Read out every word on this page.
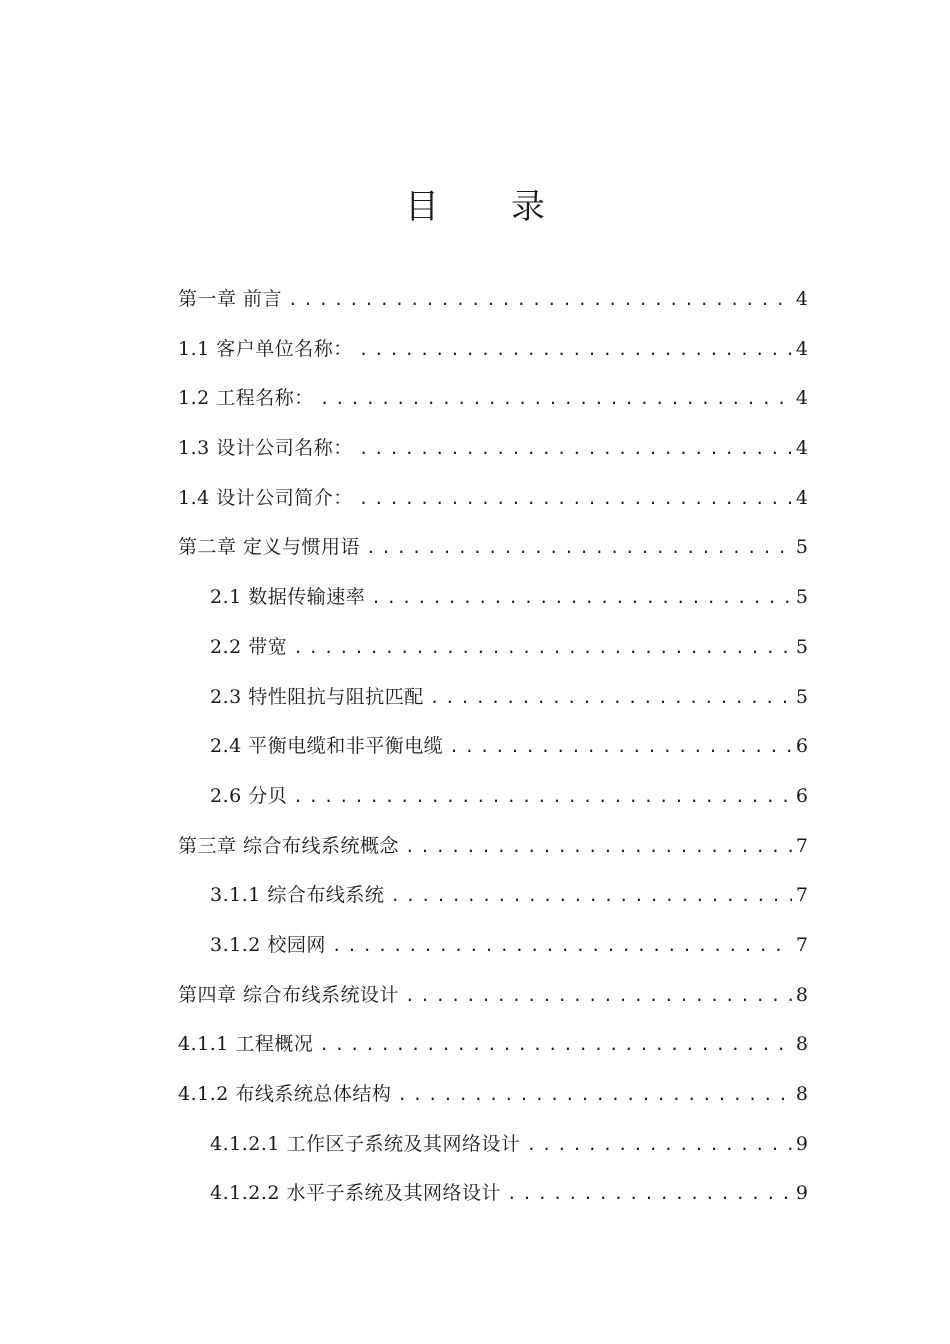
目 录
第一章 前言 .....	4
1.1 客户单位名称： .....	4
1.2 工程名称： .....	4
1.3 设计公司名称： .....	4
1.4 设计公司简介： .....	4
第二章 定义与惯用语 .....	5
2.1 数据传输速率 .....	5
2.2 带宽 .....	5
2.3 特性阻抗与阻抗匹配 .....	5
2.4 平衡电缆和非平衡电缆 .....	6
2.6 分贝 .....	6
第三章 综合布线系统概念 .....	7
3.1.1 综合布线系统 .....	7
3.1.2 校园网 .....	7
第四章 综合布线系统设计 .....	8
4.1.1 工程概况 .....	8
4.1.2 布线系统总体结构 .....	8
4.1.2.1 工作区子系统及其网络设计 .....	9
4.1.2.2 水平子系统及其网络设计 .....	9
